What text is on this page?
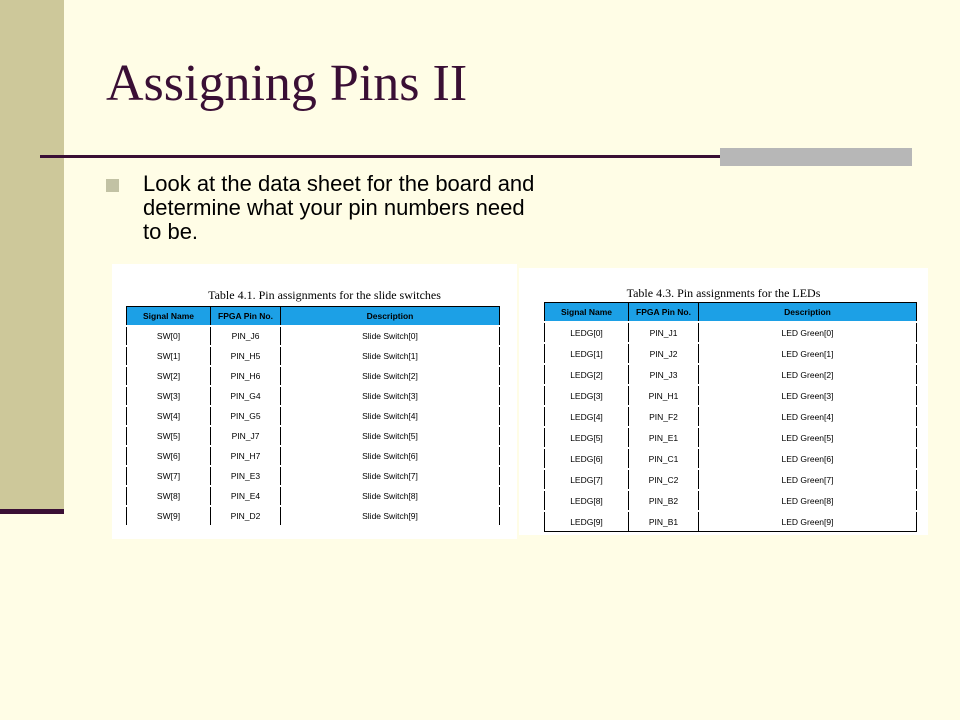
Assigning Pins II
Look at the data sheet for the board and determine what your pin numbers need to be.
Table 4.1. Pin assignments for the slide switches
Signal Name	FPGA Pin No.	Description
SW[0]	PIN_J6	Slide Switch[0]
SW[1]	PIN_H5	Slide Switch[1]
SW[2]	PIN_H6	Slide Switch[2]
SW[3]	PIN_G4	Slide Switch[3]
SW[4]	PIN_G5	Slide Switch[4]
SW[5]	PIN_J7	Slide Switch[5]
SW[6]	PIN_H7	Slide Switch[6]
SW[7]	PIN_E3	Slide Switch[7]
SW[8]	PIN_E4	Slide Switch[8]
SW[9]	PIN_D2	Slide Switch[9]
Table 4.3. Pin assignments for the LEDs
Signal Name	FPGA Pin No.	Description
LEDG[0]	PIN_J1	LED Green[0]
LEDG[1]	PIN_J2	LED Green[1]
LEDG[2]	PIN_J3	LED Green[2]
LEDG[3]	PIN_H1	LED Green[3]
LEDG[4]	PIN_F2	LED Green[4]
LEDG[5]	PIN_E1	LED Green[5]
LEDG[6]	PIN_C1	LED Green[6]
LEDG[7]	PIN_C2	LED Green[7]
LEDG[8]	PIN_B2	LED Green[8]
LEDG[9]	PIN_B1	LED Green[9]
